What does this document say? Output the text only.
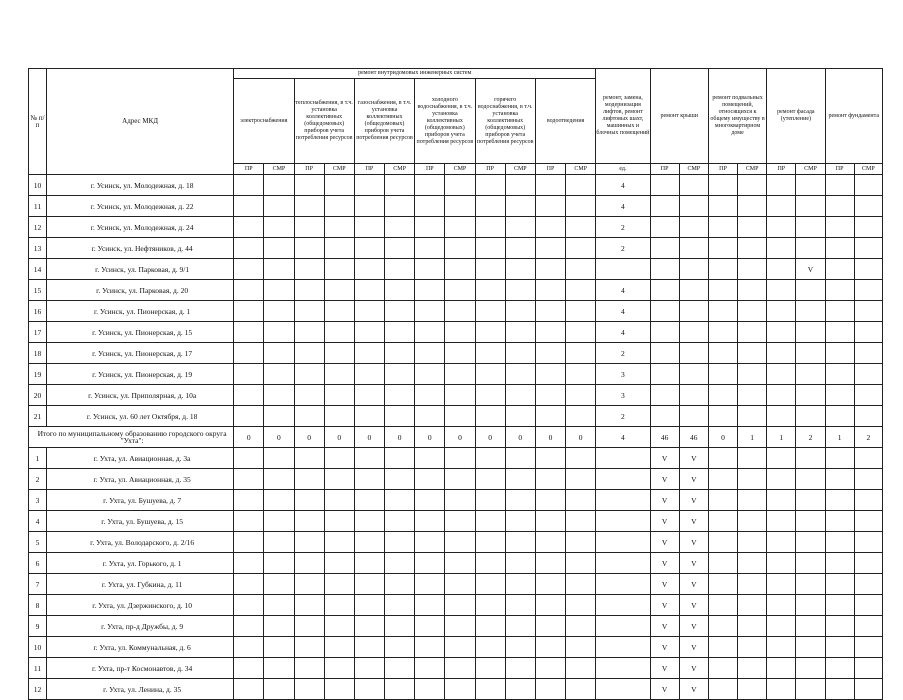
№ п/п	Адрес МКД	ремонт внутридомовых инженерных систем												ремонт, замена, модернизация лифтов, ремонт лифтовых шахт, машинных и блочных помещений	ремонт крыши		ремонт подвальных помещений, относящихся к общему имуществу в многоквартирном доме		ремонт фасада (утепление)		ремонт фундамента	
		электроснабжения		теплоснабжения, в т.ч. установка коллективных (общедомовых) приборов учета потребления ресурсов		газоснабжения, в т.ч. установка коллективных (общедомовых) приборов учета потребления ресурсов		холодного водоснабжения, в т.ч. установка коллективных (общедомовых) приборов учета потребления ресурсов		горячего водоснабжения, в т.ч. установка коллективных (общедомовых) приборов учета потребления ресурсов		водоотведения										
		ПР	СМР	ПР	СМР	ПР	СМР	ПР	СМР	ПР	СМР	ПР	СМР	ед.	ПР	СМР	ПР	СМР	ПР	СМР	ПР	СМР
10	г. Усинск, ул. Молодежная, д. 18													4								
11	г. Усинск, ул. Молодежная, д. 22													4								
12	г. Усинск, ул. Молодежная, д. 24													2								
13	г. Усинск, ул. Нефтяников, д. 44													2								
14	г. Усинск, ул. Парковая, д. 9/1																			V		
15	г. Усинск, ул. Парковая, д. 20													4								
16	г. Усинск, ул. Пионерская, д. 1													4								
17	г. Усинск, ул. Пионерская, д. 15													4								
18	г. Усинск, ул. Пионерская, д. 17													2								
19	г. Усинск, ул. Пионерская, д. 19													3								
20	г. Усинск, ул. Приполярная, д. 10а													3								
21	г. Усинск, ул. 60 лет Октября, д. 18													2								
Итого по муниципальному образованию городского округа "Ухта":		0	0	0	0	0	0	0	0	0	0	0	0	4	46	46	0	1	1	2	1	2
1	г. Ухта, ул. Авиационная, д. 3а														V	V						
2	г. Ухта, ул. Авиационная, д. 35														V	V						
3	г. Ухта, ул. Бушуева, д. 7														V	V						
4	г. Ухта, ул. Бушуева, д. 15														V	V						
5	г. Ухта, ул. Володарского, д. 2/16														V	V						
6	г. Ухта, ул. Горького, д. 1														V	V						
7	г. Ухта, ул. Губкина, д. 11														V	V						
8	г. Ухта, ул. Дзержинского, д. 10														V	V						
9	г. Ухта, пр-д Дружбы, д. 9														V	V						
10	г. Ухта, ул. Коммунальная, д. 6														V	V						
11	г. Ухта, пр-т Космонавтов, д. 34														V	V						
12	г. Ухта, ул. Ленина, д. 35														V	V						
